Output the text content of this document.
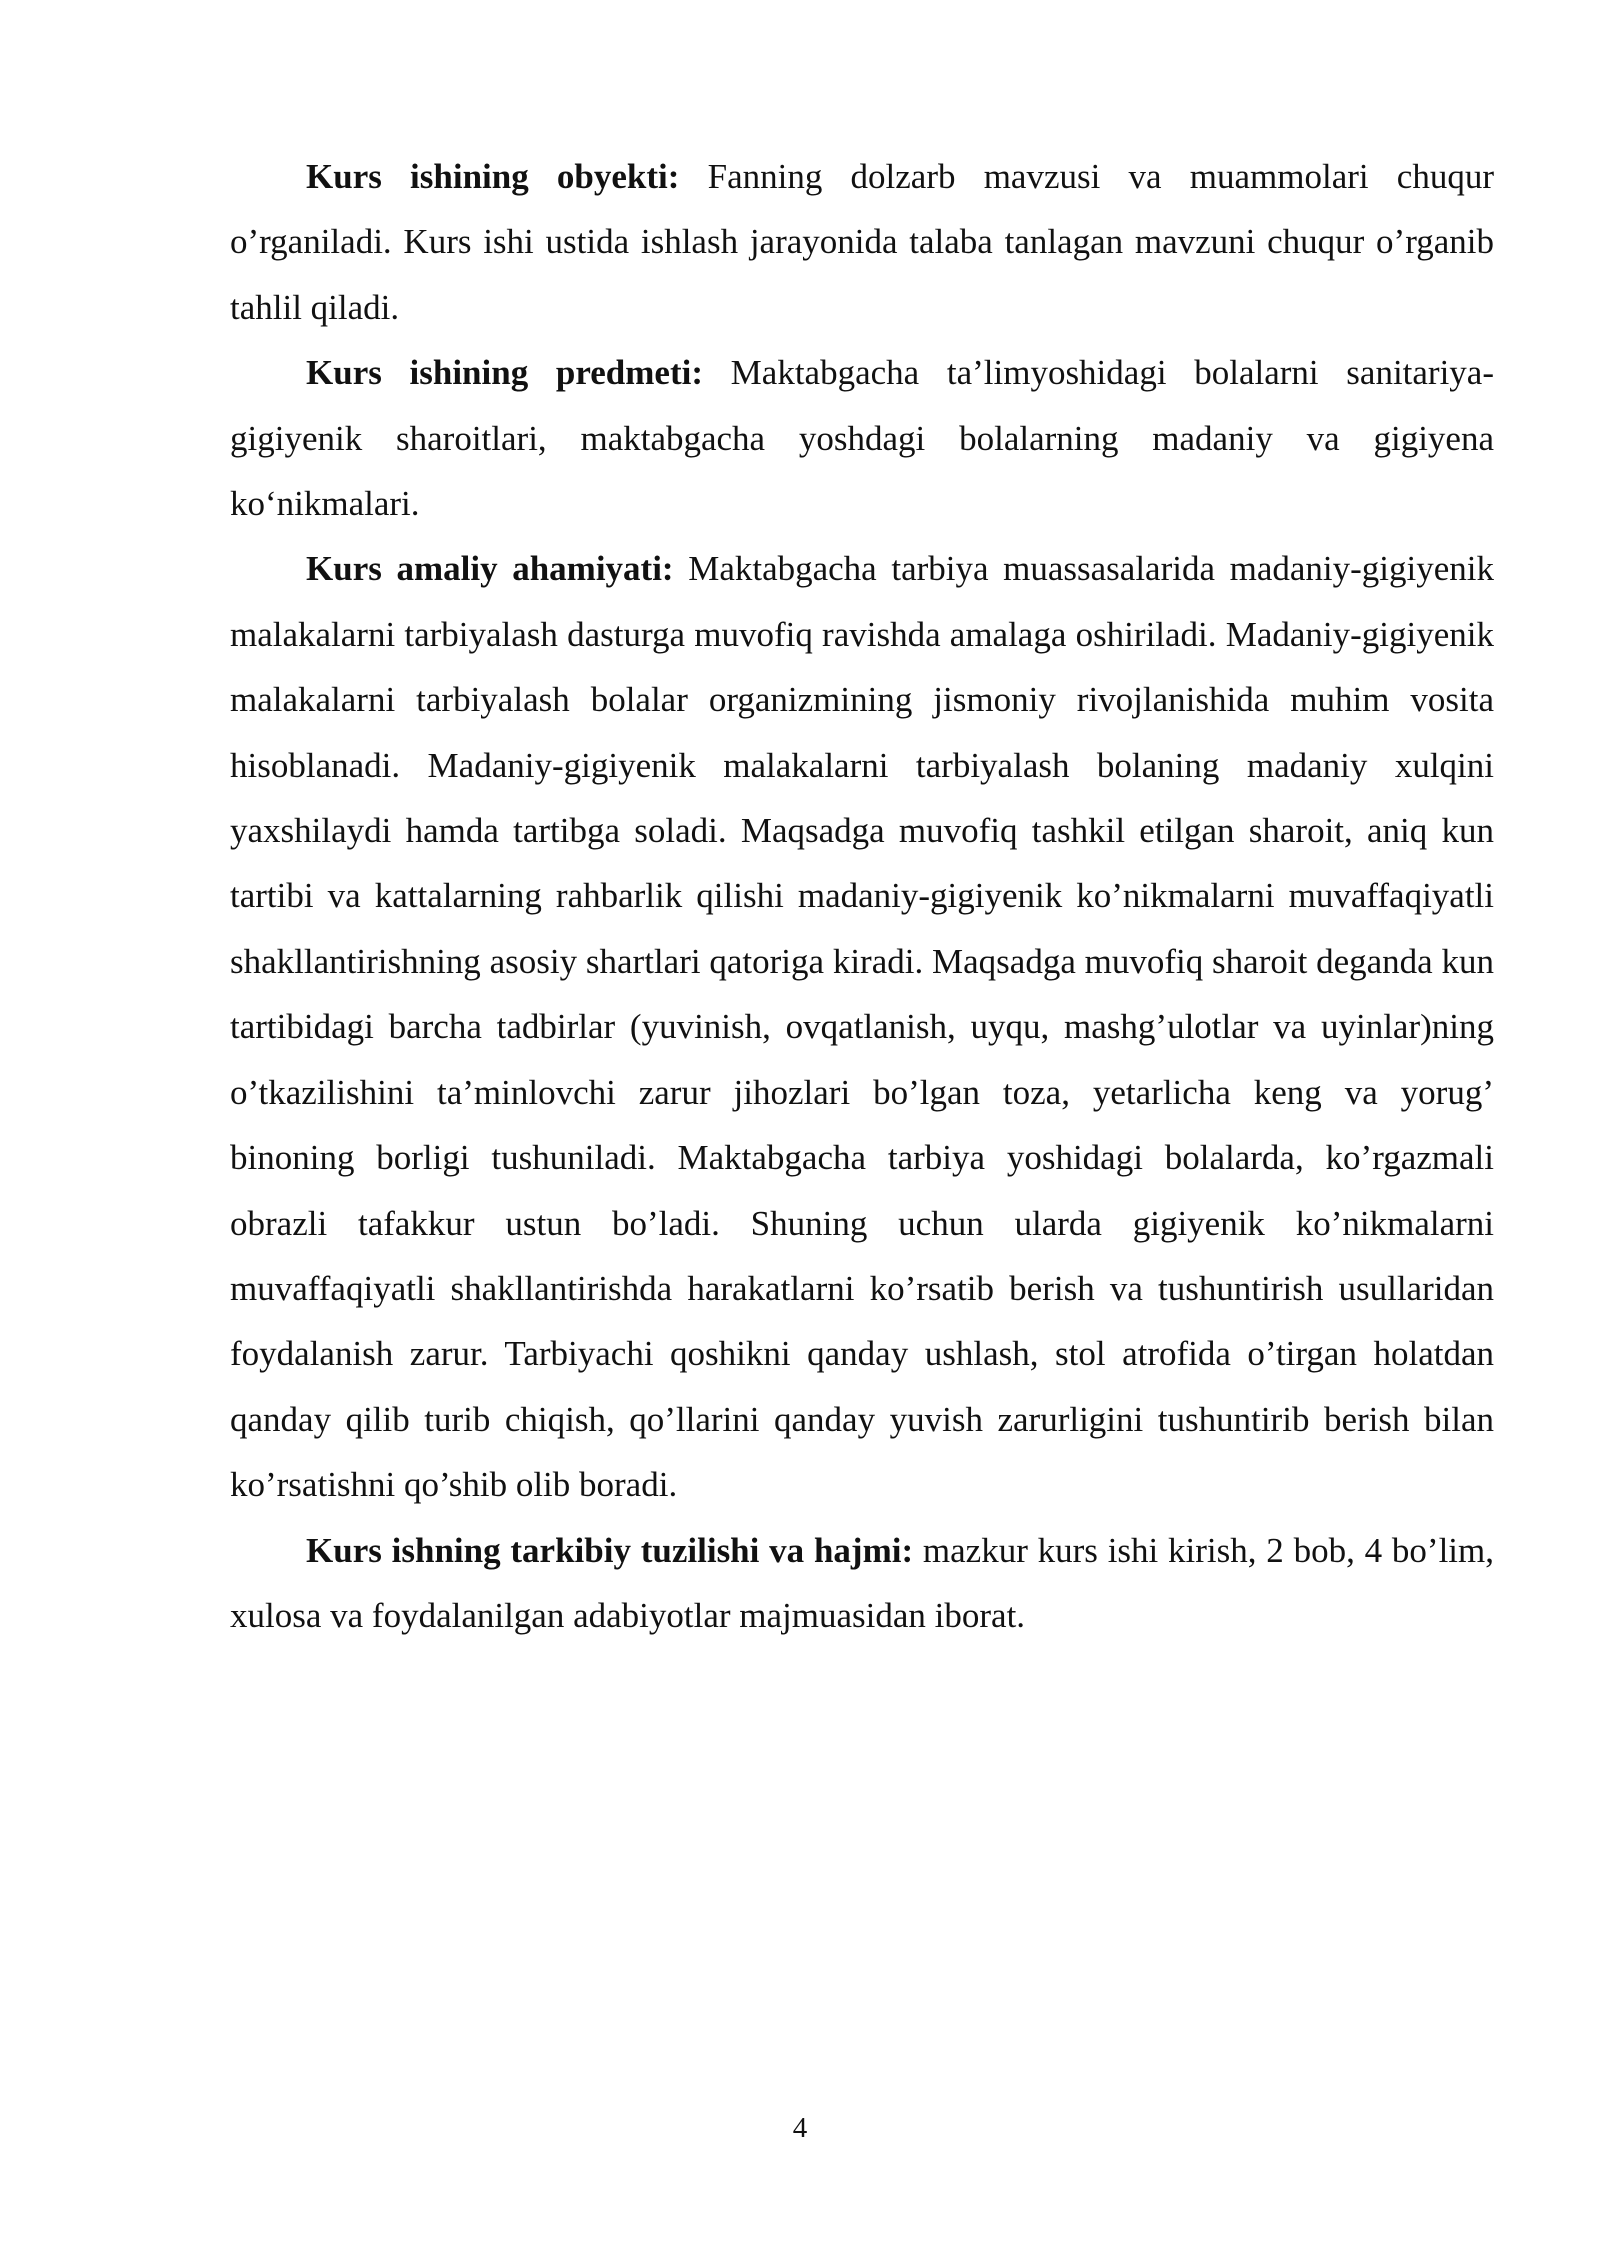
Kurs ishining obyekti: Fanning dolzarb mavzusi va muammolari chuqur o’rganiladi. Kurs ishi ustida ishlash jarayonida talaba tanlagan mavzuni chuqur o’rganib tahlil qiladi.

Kurs ishining predmeti: Maktabgacha ta’limyoshidagi bolalarni sanitariya-gigiyenik sharoitlari, maktabgacha yoshdagi bolalarning madaniy va gigiyena ko‘nikmalari.

Kurs amaliy ahamiyati: Maktabgacha tarbiya muassasalarida madaniy-gigiyenik malakalarni tarbiyalash dasturga muvofiq ravishda amalaga oshiriladi. Madaniy-gigiyenik malakalarni tarbiyalash bolalar organizmining jismoniy rivojlanishida muhim vosita hisoblanadi. Madaniy-gigiyenik malakalarni tarbiyalash bolaning madaniy xulqini yaxshilaydi hamda tartibga soladi. Maqsadga muvofiq tashkil etilgan sharoit, aniq kun tartibi va kattalarning rahbarlik qilishi madaniy-gigiyenik ko’nikmalarni muvaffaqiyatli shakllantirishning asosiy shartlari qatoriga kiradi. Maqsadga muvofiq sharoit deganda kun tartibidagi barcha tadbirlar (yuvinish, ovqatlanish, uyqu, mashg’ulotlar va uyinlar)ning o’tkazilishini ta’minlovchi zarur jihozlari bo’lgan toza, yetarlicha keng va yorug’ binoning borligi tushuniladi. Maktabgacha tarbiya yoshidagi bolalarda, ko’rgazmali obrazli tafakkur ustun bo’ladi. Shuning uchun ularda gigiyenik ko’nikmalarni muvaffaqiyatli shakllantirishda harakatlarni ko’rsatib berish va tushuntirish usullaridan foydalanish zarur. Tarbiyachi qoshikni qanday ushlash, stol atrofida o’tirgan holatdan qanday qilib turib chiqish, qo’llarini qanday yuvish zarurligini tushuntirib berish bilan ko’rsatishni qo’shib olib boradi.

Kurs ishning tarkibiy tuzilishi va hajmi: mazkur kurs ishi kirish, 2 bob, 4 bo’lim, xulosa va foydalanilgan adabiyotlar majmuasidan iborat.

4
